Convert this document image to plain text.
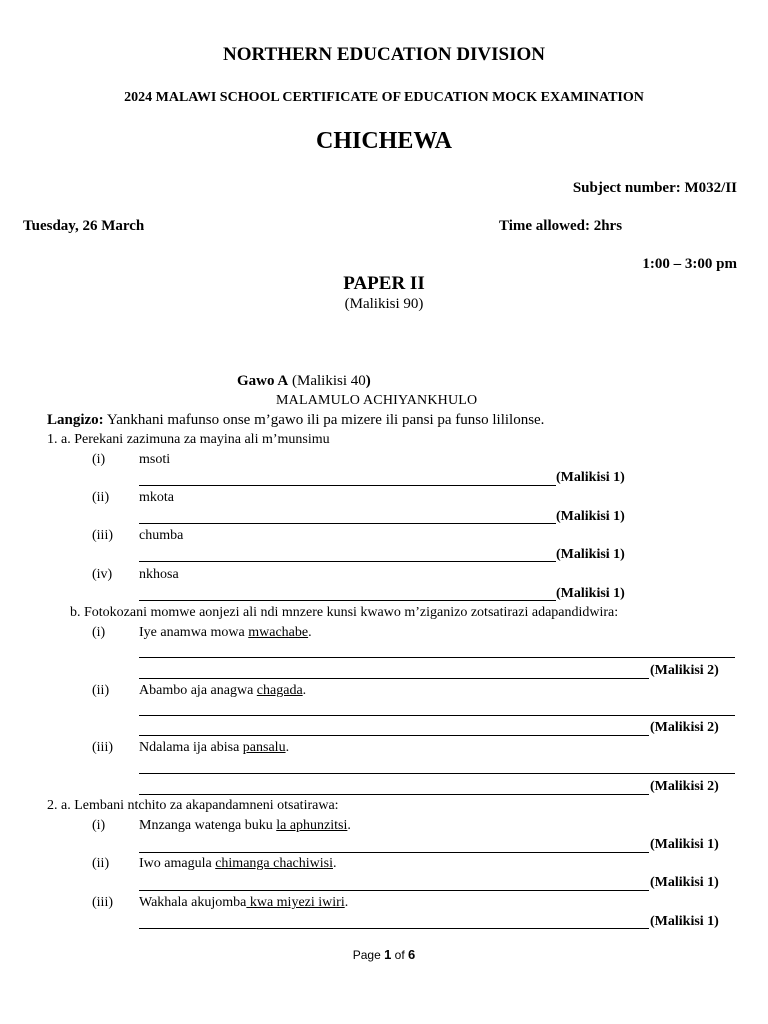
NORTHERN EDUCATION DIVISION
2024 MALAWI SCHOOL CERTIFICATE OF EDUCATION MOCK EXAMINATION
CHICHEWA
Subject number: M032/II
Tuesday, 26 March	Time allowed: 2hrs
1:00 – 3:00 pm
PAPER II
(Malikisi 90)
Gawo A (Malikisi 40)
MALAMULO ACHIYANKHULO
Langizo: Yankhani mafunso onse m’gawo ili pa mizere ili pansi pa funso lililonse.
1. a. Perekani zazimuna za mayina ali m’munsimu
(i) msoti
(Malikisi 1)
(ii) mkota
(Malikisi 1)
(iii) chumba
(Malikisi 1)
(iv) nkhosa
(Malikisi 1)
b. Fotokozani momwe aonjezi ali ndi mnzere kunsi kwawo m’ziganizo zotsatirazi adapandidwira:
(i) Iye anamwa mowa mwachabe.
(Malikisi 2)
(ii) Abambo aja anagwa chagada.
(Malikisi 2)
(iii) Ndalama ija abisa pansalu.
(Malikisi 2)
2. a. Lembani ntchito za akapandamneni otsatirawa:
(i) Mnzanga watenga buku la aphunzitsi.
(Malikisi 1)
(ii) Iwo amagula chimanga chachiwisi.
(Malikisi 1)
(iii) Wakhala akujomba kwa miyezi iwiri.
(Malikisi 1)
Page 1 of 6
